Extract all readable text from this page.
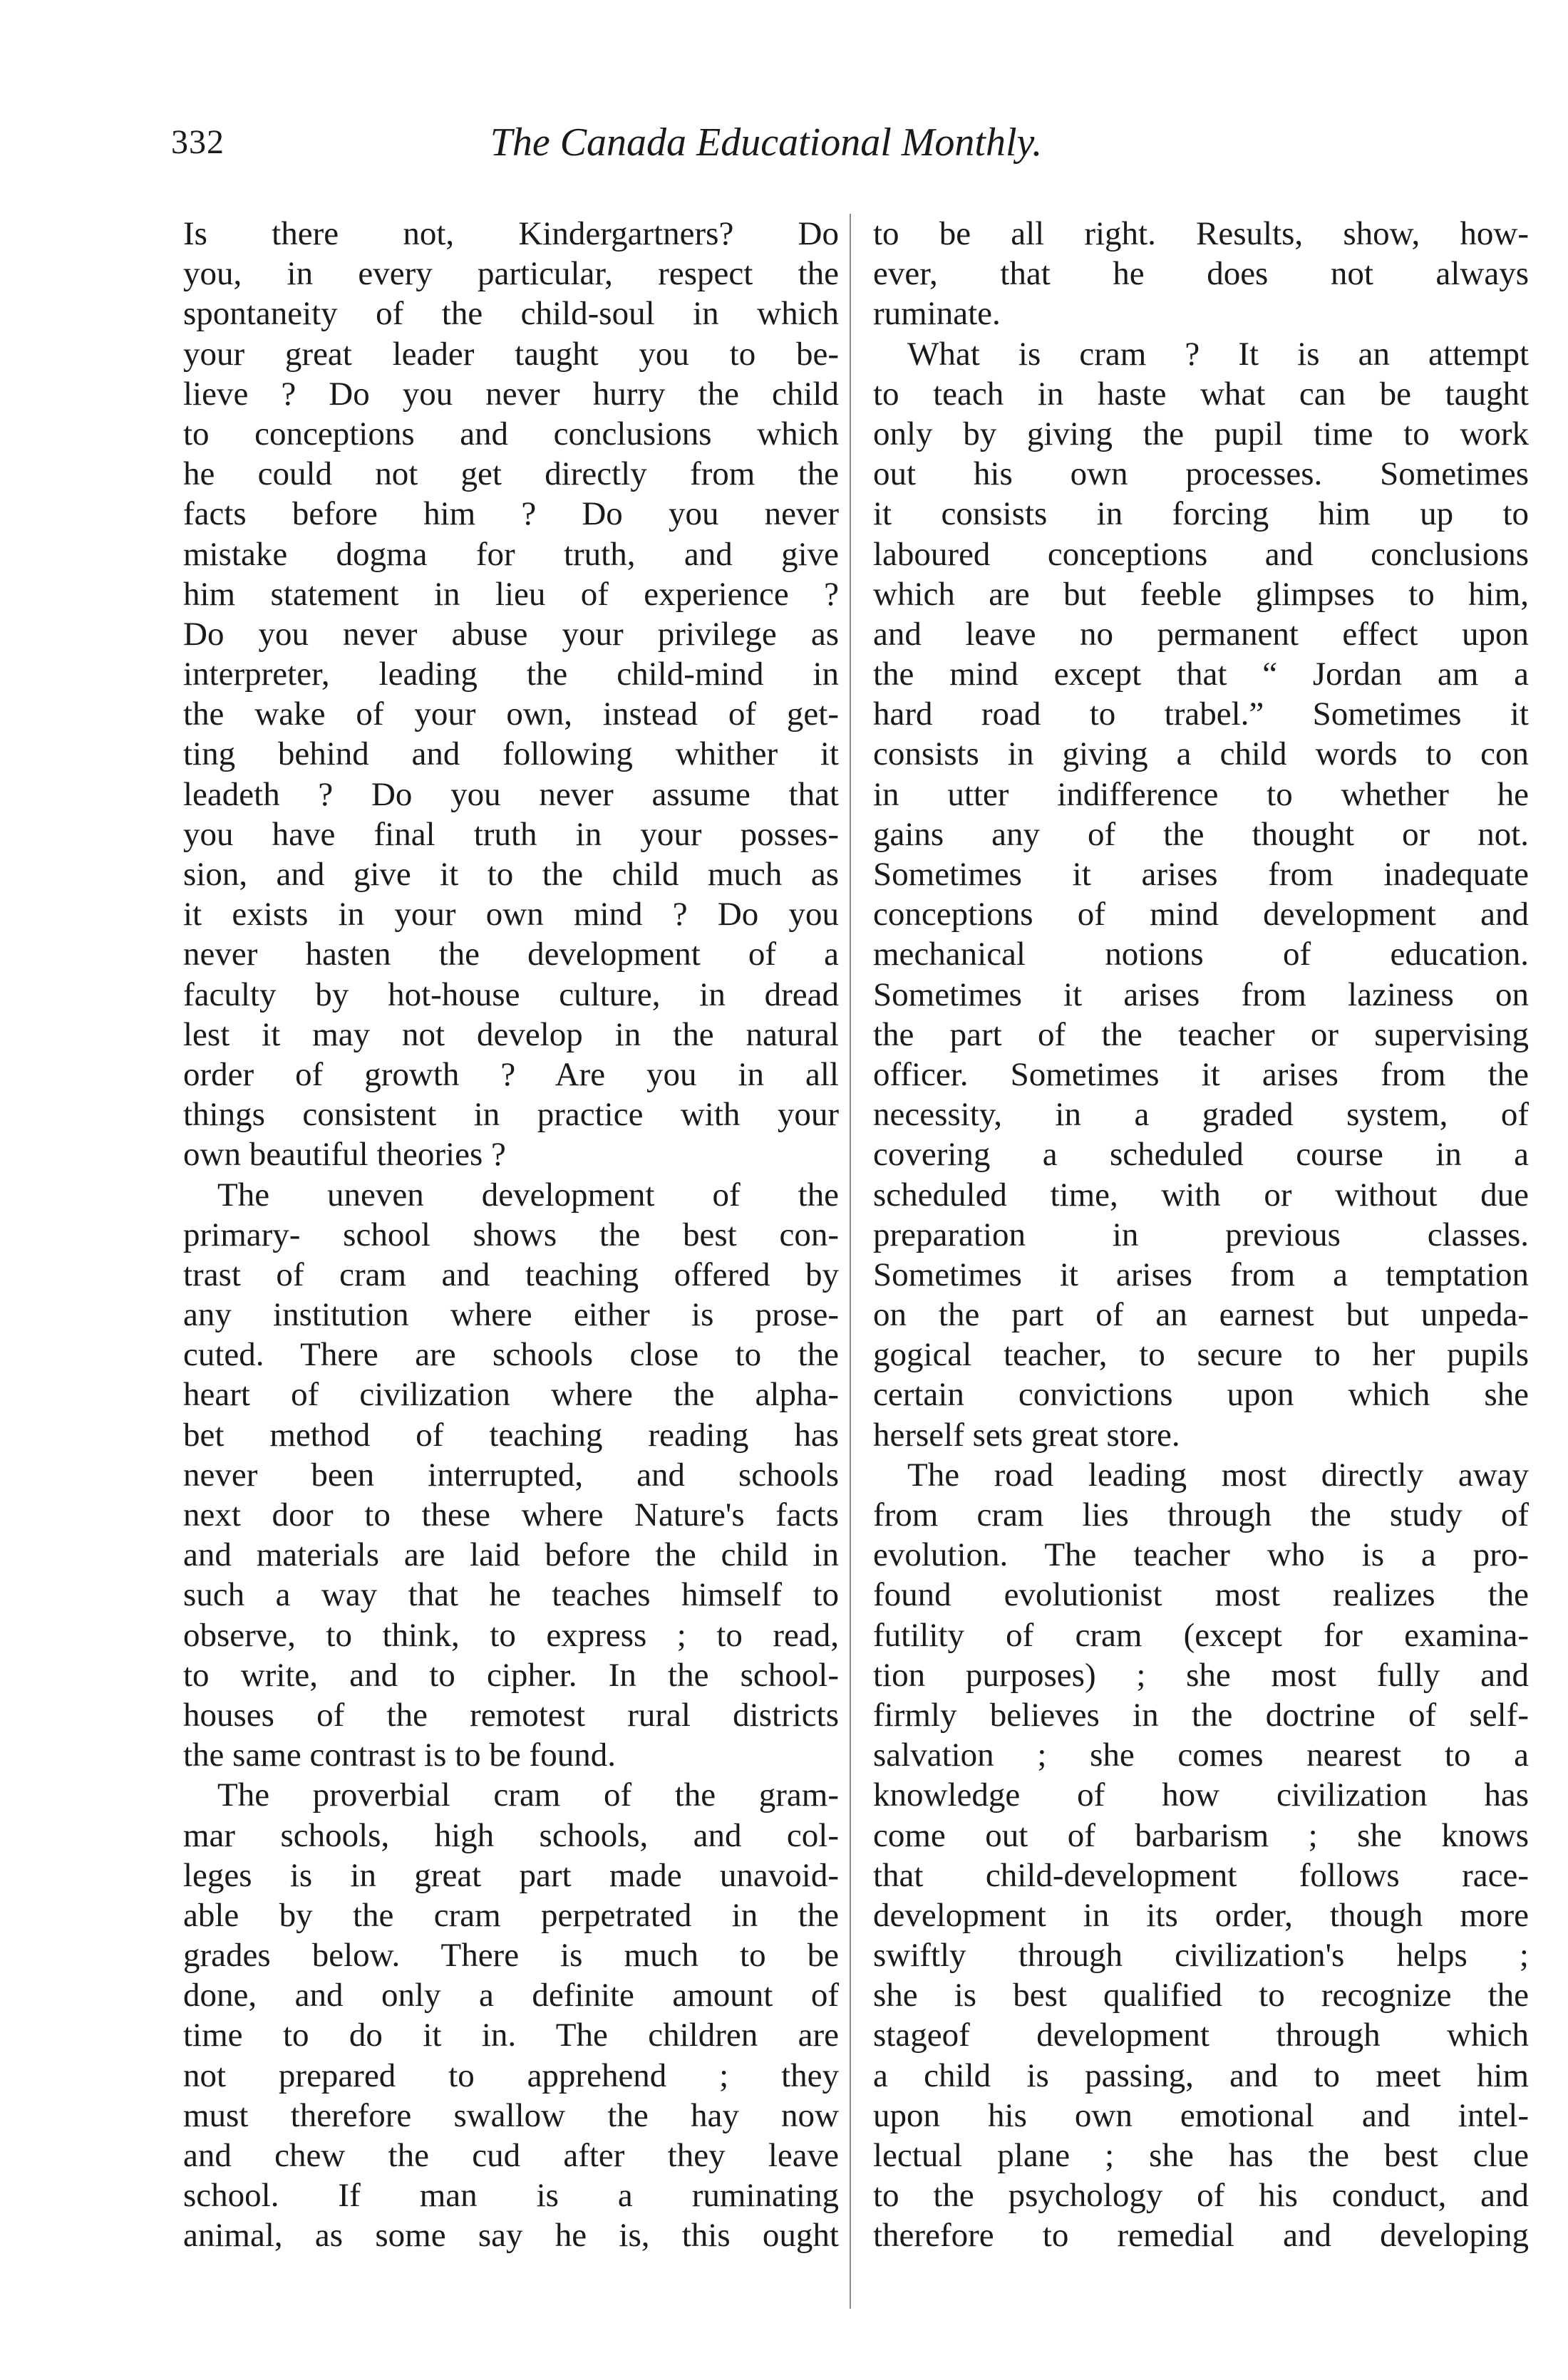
332	The Canada Educational Monthly.
Is there not, Kindergartners? Do
you, in every particular, respect the
spontaneity of the child-soul in which
your great leader taught you to be-
lieve ? Do you never hurry the child
to conceptions and conclusions which
he could not get directly from the
facts before him ? Do you never
mistake dogma for truth, and give
him statement in lieu of experience ?
Do you never abuse your privilege as
interpreter, leading the child-mind in
the wake of your own, instead of get-
ting behind and following whither it
leadeth ? Do you never assume that
you have final truth in your posses-
sion, and give it to the child much as
it exists in your own mind ? Do you
never hasten the development of a
faculty by hot-house culture, in dread
lest it may not develop in the natural
order of growth ? Are you in all
things consistent in practice with your
own beautiful theories ?
The uneven development of the
primary- school shows the best con-
trast of cram and teaching offered by
any institution where either is prose-
cuted. There are schools close to the
heart of civilization where the alpha-
bet method of teaching reading has
never been interrupted, and schools
next door to these where Nature's facts
and materials are laid before the child in
such a way that he teaches himself to
observe, to think, to express ; to read,
to write, and to cipher. In the school-
houses of the remotest rural districts
the same contrast is to be found.
The proverbial cram of the gram-
mar schools, high schools, and col-
leges is in great part made unavoid-
able by the cram perpetrated in the
grades below. There is much to be
done, and only a definite amount of
time to do it in. The children are
not prepared to apprehend ; they
must therefore swallow the hay now
and chew the cud after they leave
school. If man is a ruminating
animal, as some say he is, this ought
to be all right. Results, show, how-
ever, that he does not always
ruminate.
What is cram ? It is an attempt
to teach in haste what can be taught
only by giving the pupil time to work
out his own processes. Sometimes
it consists in forcing him up to
laboured conceptions and conclusions
which are but feeble glimpses to him,
and leave no permanent effect upon
the mind except that “ Jordan am a
hard road to trabel.” Sometimes it
consists in giving a child words to con
in utter indifference to whether he
gains any of the thought or not.
Sometimes it arises from inadequate
conceptions of mind development and
mechanical notions of education.
Sometimes it arises from laziness on
the part of the teacher or supervising
officer. Sometimes it arises from the
necessity, in a graded system, of
covering a scheduled course in a
scheduled time, with or without due
preparation in previous classes.
Sometimes it arises from a temptation
on the part of an earnest but unpeda-
gogical teacher, to secure to her pupils
certain convictions upon which she
herself sets great store.
The road leading most directly away
from cram lies through the study of
evolution. The teacher who is a pro-
found evolutionist most realizes the
futility of cram (except for examina-
tion purposes) ; she most fully and
firmly believes in the doctrine of self-
salvation ; she comes nearest to a
knowledge of how civilization has
come out of barbarism ; she knows
that child-development follows race-
development in its order, though more
swiftly through civilization's helps ;
she is best qualified to recognize the
stageof development through which
a child is passing, and to meet him
upon his own emotional and intel-
lectual plane ; she has the best clue
to the psychology of his conduct, and
therefore to remedial and developing
